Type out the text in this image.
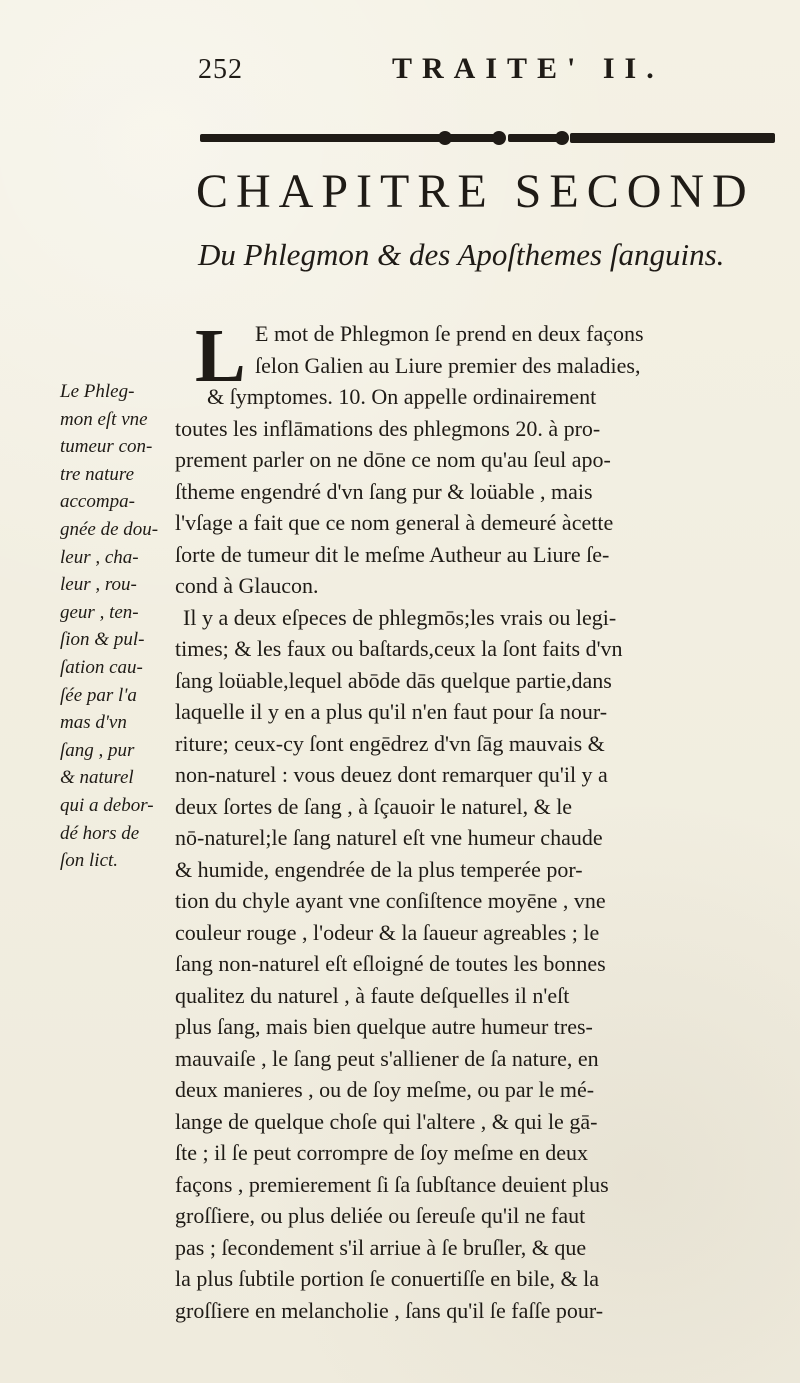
252	TRAITE' II.
CHAPITRE SECOND
Du Phlegmon & des Apoſthemes ſanguins.
Le Phleg-
mon eſt vne
tumeur con-
tre nature
accompa-
gnée de dou-
leur , cha-
leur , rou-
geur , ten-
ſion & pul-
ſation cau-
ſée par l'a
mas d'vn
ſang , pur
& naturel
qui a debor-
dé hors de
ſon lict.
L E mot de Phlegmon ſe prend en deux façons
ſelon Galien au Liure premier des maladies,
& ſymptomes. 10. On appelle ordinairement
toutes les inflāmations des phlegmons 20. à pro-
prement parler on ne dōne ce nom qu'au ſeul apo-
ſtheme engendré d'vn ſang pur & loüable , mais
l'vſage a fait que ce nom general à demeuré àcette
ſorte de tumeur dit le meſme Autheur au Liure ſe-
cond à Glaucon.
Il y a deux eſpeces de phlegmōs;les vrais ou legi-
times; & les faux ou baſtards,ceux la ſont faits d'vn
ſang loüable,lequel abōde dās quelque partie,dans
laquelle il y en a plus qu'il n'en faut pour ſa nour-
riture; ceux-cy ſont engēdrez d'vn ſāg mauvais &
non-naturel : vous deuez dont remarquer qu'il y a
deux ſortes de ſang , à ſçauoir le naturel, & le
nō-naturel;le ſang naturel eſt vne humeur chaude
& humide, engendrée de la plus temperée por-
tion du chyle ayant vne conſiſtence moyēne , vne
couleur rouge , l'odeur & la ſaueur agreables ; le
ſang non-naturel eſt eſloigné de toutes les bonnes
qualitez du naturel , à faute deſquelles il n'eſt
plus ſang, mais bien quelque autre humeur tres-
mauvaiſe , le ſang peut s'alliener de ſa nature, en
deux manieres , ou de ſoy meſme, ou par le mé-
lange de quelque choſe qui l'altere , & qui le gā-
ſte ; il ſe peut corrompre de ſoy meſme en deux
façons , premierement ſi ſa ſubſtance deuient plus
groſſiere, ou plus deliée ou ſereuſe qu'il ne faut
pas ; ſecondement s'il arriue à ſe bruſler, & que
la plus ſubtile portion ſe conuertiſſe en bile, & la
groſſiere en melancholie , ſans qu'il ſe faſſe pour-
